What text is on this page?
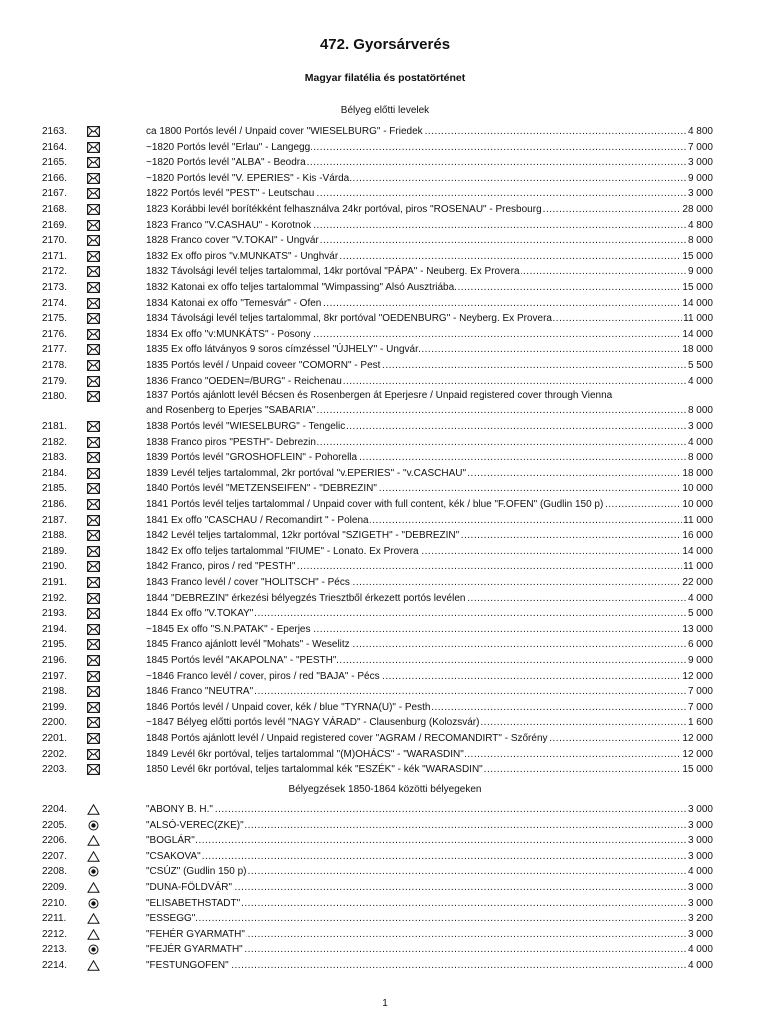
472. Gyorsárverés
Magyar filatélia és postatörténet
Bélyeg előtti levelek
2163.	ca 1800 Portós levél / Unpaid cover "WIESELBURG" - Friedek .....	4 800
2164.	~1820 Portós levél "Erlau" - Langegg .....	7 000
2165.	~1820 Portós levél "ALBA" - Beodra .....	3 000
2166.	~1820 Portós levél "V. EPERIES" - Kis -Várda .....	9 000
2167.	1822 Portós levél "PEST" - Leutschau .....	3 000
2168.	1823 Korábbi levél borítékként felhasználva 24kr portóval, piros "ROSENAU" - Presbourg .....	28 000
2169.	1823 Franco "V.CASHAU" - Korotnok .....	4 800
2170.	1828 Franco cover "V.TOKAI" - Ungvár .....	8 000
2171.	1832 Ex offo piros "v.MUNKATS" - Unghvár .....	15 000
2172.	1832 Távolsági levél teljes tartalommal, 14kr portóval "PÁPA" - Neuberg. Ex Provera .....	9 000
2173.	1832 Katonai ex offo teljes tartalommal "Wimpassing" Alsó Ausztriába .....	15 000
2174.	1834 Katonai ex offo "Temesvár" - Ofen .....	14 000
2175.	1834 Távolsági levél teljes tartalommal, 8kr portóval "OEDENBURG" - Neyberg. Ex Provera .....	11 000
2176.	1834 Ex offo "v:MUNKÁTS" - Posony .....	14 000
2177.	1835 Ex offo látványos 9 soros címzéssel "ÚJHELY" - Ungvár .....	18 000
2178.	1835 Portós levél / Unpaid coveer "COMORN" - Pest .....	5 500
2179.	1836 Franco "OEDEN=/BURG" - Reichenau .....	4 000
2180.	1837 Portós ajánlott levél Bécsen és Rosenbergen át Eperjesre / Unpaid registered cover through Vienna
and Rosenberg to Eperjes "SABARIA" .....	8 000
2181.	1838 Portós levél "WIESELBURG" - Tengelic .....	3 000
2182.	1838 Franco piros "PESTH"- Debrezin .....	4 000
2183.	1839 Portós levél "GROSHOFLEIN" - Pohorella .....	8 000
2184.	1839 Levél teljes tartalommal, 2kr portóval "v.EPERIES" - "v.CASCHAU" .....	18 000
2185.	1840 Portós levél "METZENSEIFEN" - "DEBREZIN" .....	10 000
2186.	1841 Portós levél teljes tartalommal / Unpaid cover with full content, kék / blue "F.OFEN" (Gudlin 150 p) .....	10 000
2187.	1841 Ex offo "CASCHAU / Recomandirt " - Polena .....	11 000
2188.	1842 Levél teljes tartalommal, 12kr portóval "SZIGETH" - "DEBREZIN" .....	16 000
2189.	1842 Ex offo teljes tartalommal "FIUME" - Lonato. Ex Provera .....	14 000
2190.	1842 Franco, piros / red "PESTH" .....	11 000
2191.	1843 Franco levél / cover "HOLITSCH" - Pécs .....	22 000
2192.	1844 "DEBREZIN" érkezési bélyegzés Triesztből érkezett portós levélen .....	4 000
2193.	1844 Ex offo "V.TOKAY" .....	5 000
2194.	~1845 Ex offo "S.N.PATAK" - Eperjes .....	13 000
2195.	1845 Franco ajánlott levél "Mohats" - Weselitz .....	6 000
2196.	1845 Portós levél "AKAPOLNA" - "PESTH" .....	9 000
2197.	~1846 Franco levél / cover, piros / red "BAJA" - Pécs .....	12 000
2198.	1846 Franco "NEUTRA" .....	7 000
2199.	1846 Portós levél / Unpaid cover, kék / blue "TYRNA(U)" - Pesth .....	7 000
2200.	~1847 Bélyeg előtti portós levél "NAGY VÁRAD" - Clausenburg (Kolozsvár) .....	1 600
2201.	1848 Portós ajánlott levél / Unpaid registered cover "AGRAM / RECOMANDIRT" - Szőrény .....	12 000
2202.	1849 Levél 6kr portóval, teljes tartalommal "(M)OHÁCS" - "WARASDIN" .....	12 000
2203.	1850 Levél 6kr portóval, teljes tartalommal kék "ESZÉK" - kék "WARASDIN" .....	15 000
Bélyegzések 1850-1864 közötti bélyegeken
2204.	"ABONY B. H." .....	3 000
2205.	"ALSÓ-VEREC(ZKE)" .....	3 000
2206.	"BOGLÁR" .....	3 000
2207.	"CSAKOVA" .....	3 000
2208.	"CSÚZ" (Gudlin 150 p) .....	4 000
2209.	"DUNA-FÖLDVÁR" .....	3 000
2210.	"ELISABETHSTADT" .....	3 000
2211.	"ESSEGG" .....	3 200
2212.	"FEHÉR GYARMATH" .....	3 000
2213.	"FEJÉR GYARMATH" .....	4 000
2214.	"FESTUNGOFEN" .....	4 000
1
